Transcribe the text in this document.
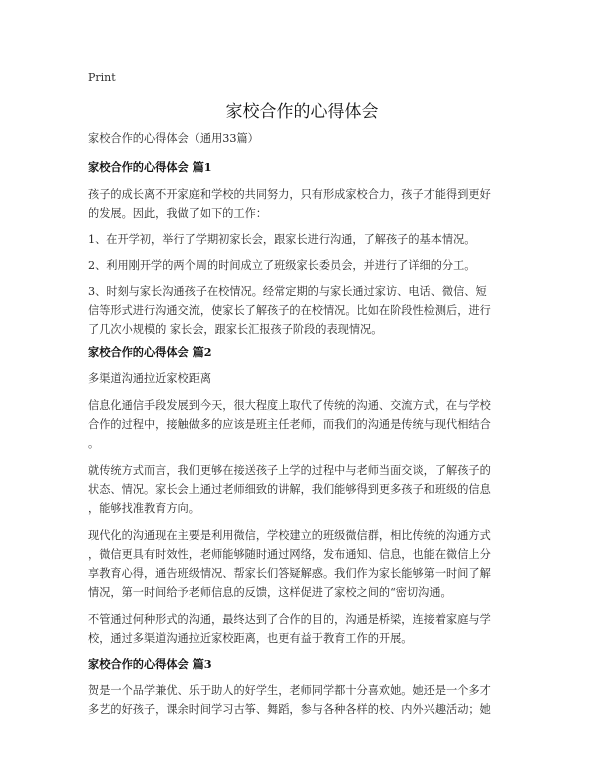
Print
家校合作的心得体会
家校合作的心得体会（通用33篇）
家校合作的心得体会 篇1
孩子的成长离不开家庭和学校的共同努力，只有形成家校合力，孩子才能得到更好
的发展。因此，我做了如下的工作：
1、在开学初，举行了学期初家长会，跟家长进行沟通，了解孩子的基本情况。
2、利用刚开学的两个周的时间成立了班级家长委员会，并进行了详细的分工。
3、时刻与家长沟通孩子在校情况。经常定期的与家长通过家访、电话、微信、短
信等形式进行沟通交流，使家长了解孩子的在校情况。比如在阶段性检测后，进行
了几次小规模的 家长会，跟家长汇报孩子阶段的表现情况。
家校合作的心得体会 篇2
多渠道沟通拉近家校距离
信息化通信手段发展到今天，很大程度上取代了传统的沟通、交流方式，在与学校
合作的过程中，接触做多的应该是班主任老师，而我们的沟通是传统与现代相结合
。
就传统方式而言，我们更够在接送孩子上学的过程中与老师当面交谈，了解孩子的
状态、情况。家长会上通过老师细致的讲解，我们能够得到更多孩子和班级的信息
，能够找准教育方向。
现代化的沟通现在主要是利用微信，学校建立的班级微信群，相比传统的沟通方式
，微信更具有时效性，老师能够随时通过网络，发布通知、信息，也能在微信上分
享教育心得，通告班级情况、帮家长们答疑解惑。我们作为家长能够第一时间了解
情况，第一时间给予老师信息的反馈，这样促进了家校之间的“密切沟通。
不管通过何种形式的沟通，最终达到了合作的目的，沟通是桥梁，连接着家庭与学
校，通过多渠道沟通拉近家校距离，也更有益于教育工作的开展。
家校合作的心得体会 篇3
贺是一个品学兼优、乐于助人的好学生，老师同学都十分喜欢她。她还是一个多才
多艺的好孩子，课余时间学习古筝、舞蹈，参与各种各样的校、内外兴趣活动；她
